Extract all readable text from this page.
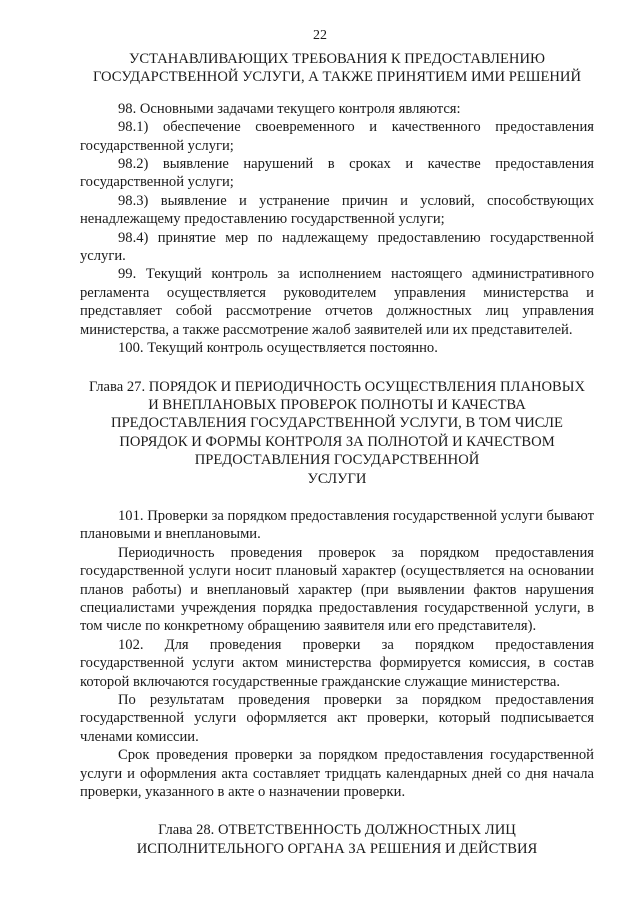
22
УСТАНАВЛИВАЮЩИХ ТРЕБОВАНИЯ К ПРЕДОСТАВЛЕНИЮ
ГОСУДАРСТВЕННОЙ УСЛУГИ, А ТАКЖЕ ПРИНЯТИЕМ ИМИ РЕШЕНИЙ

98. Основными задачами текущего контроля являются:

98.1) обеспечение своевременного и качественного предоставления государственной услуги;

98.2) выявление нарушений в сроках и качестве предоставления государственной услуги;

98.3) выявление и устранение причин и условий, способствующих ненадлежащему предоставлению государственной услуги;

98.4) принятие мер по надлежащему предоставлению государственной услуги.

99. Текущий контроль за исполнением настоящего административного регламента осуществляется руководителем управления министерства и представляет собой рассмотрение отчетов должностных лиц управления министерства, а также рассмотрение жалоб заявителей или их представителей.

100. Текущий контроль осуществляется постоянно.

Глава 27. ПОРЯДОК И ПЕРИОДИЧНОСТЬ ОСУЩЕСТВЛЕНИЯ ПЛАНОВЫХ
И ВНЕПЛАНОВЫХ ПРОВЕРОК ПОЛНОТЫ И КАЧЕСТВА
ПРЕДОСТАВЛЕНИЯ ГОСУДАРСТВЕННОЙ УСЛУГИ, В ТОМ ЧИСЛЕ
ПОРЯДОК И ФОРМЫ КОНТРОЛЯ ЗА ПОЛНОТОЙ И КАЧЕСТВОМ
ПРЕДОСТАВЛЕНИЯ ГОСУДАРСТВЕННОЙ
УСЛУГИ

101. Проверки за порядком предоставления государственной услуги бывают плановыми и внеплановыми.

Периодичность проведения проверок за порядком предоставления государственной услуги носит плановый характер (осуществляется на основании планов работы) и внеплановый характер (при выявлении фактов нарушения специалистами учреждения порядка предоставления государственной услуги, в том числе по конкретному обращению заявителя или его представителя).

102. Для проведения проверки за порядком предоставления государственной услуги актом министерства формируется комиссия, в состав которой включаются государственные гражданские служащие министерства.

По результатам проведения проверки за порядком предоставления государственной услуги оформляется акт проверки, который подписывается членами комиссии.

Срок проведения проверки за порядком предоставления государственной услуги и оформления акта составляет тридцать календарных дней со дня начала проверки, указанного в акте о назначении проверки.

Глава 28. ОТВЕТСТВЕННОСТЬ ДОЛЖНОСТНЫХ ЛИЦ
ИСПОЛНИТЕЛЬНОГО ОРГАНА ЗА РЕШЕНИЯ И ДЕЙСТВИЯ
